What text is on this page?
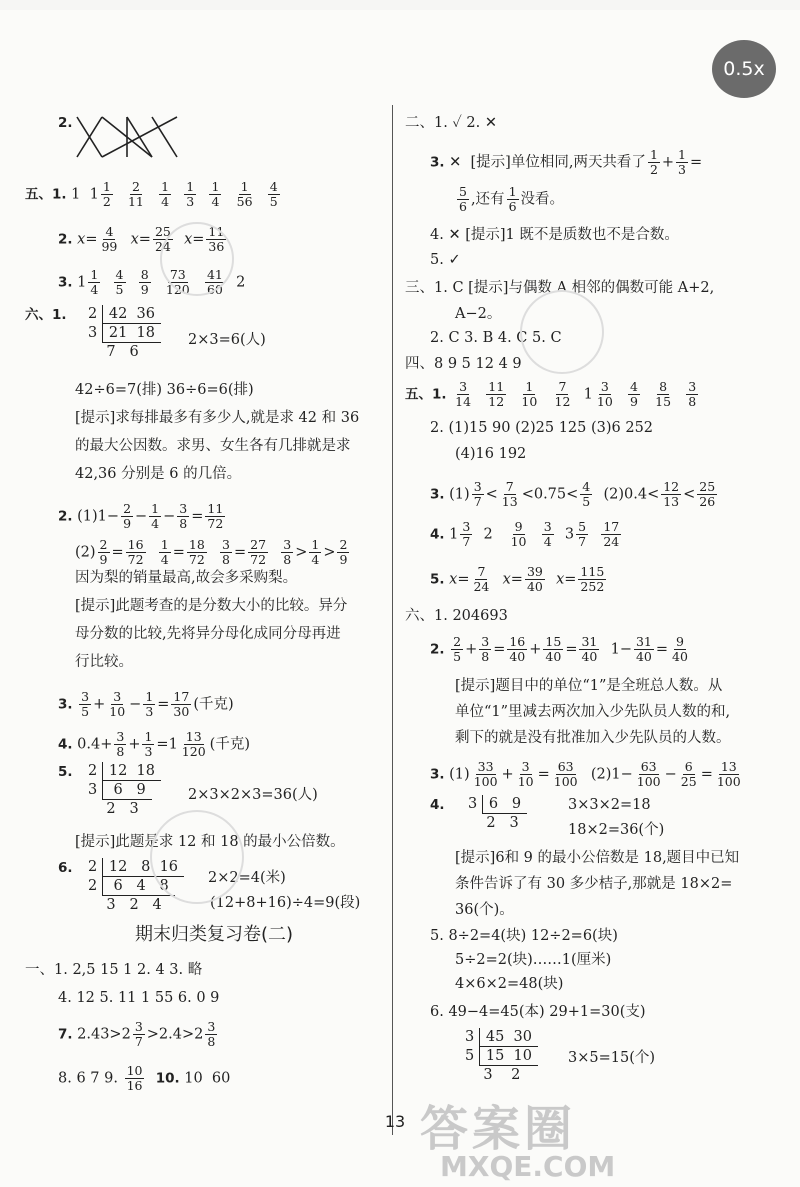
0.5x
2.
五、1. 1  $1 \frac{1}{2}$
$\frac{2}{11}$
$\frac{1}{4}$
$\frac{1}{3}$
$\frac{1}{4}$
$\frac{1}{56}$
$\frac{4}{5}$
2. $x= \frac{4}{99} x= \frac{25}{24} x= \frac{11}{36}$
3. $1 \frac{1}{4}$
$\frac{4}{5}$
$\frac{8}{9}$
$\frac{73}{120}$
$\frac{41}{60} 2$
六、1. 2 42  36
3 21  18
7   6
2×3=6(人)
42÷6=7(排) 36÷6=6(排)
[提示]求每排最多有多少人,就是求 42 和 36
的最大公因数。求男、女生各有几排就是求
42,36 分别是 6 的几倍。
2. $(1)1- \frac{2}{9} - \frac{1}{4} - \frac{3}{8} = \frac{11}{72}$
$(2) \frac{2}{9} = \frac{16}{72}$
$\frac{1}{4} = \frac{18}{72}$
$\frac{3}{8} = \frac{27}{72}$
$\frac{3}{8} > \frac{1}{4} > \frac{2}{9}$
因为梨的销量最高,故会多采购梨。
[提示]此题考查的是分数大小的比较。异分
母分数的比较,先将异分母化成同分母再进
行比较。
3. $\frac{3}{5} + \frac{3}{10} - \frac{1}{3} = \frac{17}{30}$ (千克)
4. $0.4+ \frac{3}{8} + \frac{1}{3} =1 \frac{13}{120}$ (千克)
5. 2 12  18
3  6   9
2   3
2×3×2×3=36(人)
[提示]此题是求 12 和 18 的最小公倍数。
6. 2 12   8  16
2  6   4   8
3   2   4
2×2=4(米)
(12+8+16)÷4=9(段)
期末归类复习卷(二)
一、1. 2,5 15 1 2. 4 3. 略
4. 12 5. 11 1 55 6. 0 9
7. $2.43>2 \frac{3}{7} >2.4>2 \frac{3}{8}$
8. 6 7 9. $\frac{10}{16} 10$. 10  60
二、1. ✓ 2. ✕
3. ✕  [提示]单位相同,两天共看了 $\frac{1}{2} + \frac{1}{3}$ =
$\frac{5}{6}$ ,还有 $\frac{1}{6}$ 没看。
4. ✕ [提示]1 既不是质数也不是合数。
5. ✓
三、1. C [提示]与偶数 A 相邻的偶数可能 A+2,
A−2。
2. C 3. B 4. C 5. C
四、8 9 5 12 4 9
五、1. $\frac{3}{14}$
$\frac{11}{12}$
$\frac{1}{10}$
$\frac{7}{12} 1 \frac{3}{10}$
$\frac{4}{9}$
$\frac{8}{15}$
$\frac{3}{8}$
2. (1)15 90 (2)25 125 (3)6 252
(4)16 192
3. $(1) \frac{3}{7} < \frac{7}{13} <0.75< \frac{4}{5} (2)0.4< \frac{12}{13} < \frac{25}{26}$
4. $1 \frac{3}{7} 2 \frac{9}{10}$
$\frac{3}{4} 3 \frac{5}{7}$
$\frac{17}{24}$
5. $x= \frac{7}{24} x= \frac{39}{40} x= \frac{115}{252}$
六、1. 204693
2. $\frac{2}{5} + \frac{3}{8} = \frac{16}{40} + \frac{15}{40} = \frac{31}{40} 1- \frac{31}{40} = \frac{9}{40}$
[提示]题目中的单位“1”是全班总人数。从
单位“1”里减去两次加入少先队员人数的和,
剩下的就是没有批准加入少先队员的人数。
3. $(1) \frac{33}{100} + \frac{3}{10} = \frac{63}{100} (2)1- \frac{63}{100} - \frac{6}{25} = \frac{13}{100}$
4. 3 6   9
2   3
3×3×2=18
18×2=36(个)
[提示]6和 9 的最小公倍数是 18,题目中已知
条件告诉了有 30 多少桔子,那就是 18×2=
36(个)。
5. 8÷2=4(块) 12÷2=6(块)
5÷2=2(块)……1(厘米)
4×6×2=48(块)
6. 49−4=45(本) 29+1=30(支)
3 45  30
5 15  10
3    2
3×5=15(个)
13 答案圈
MXQE.COM
